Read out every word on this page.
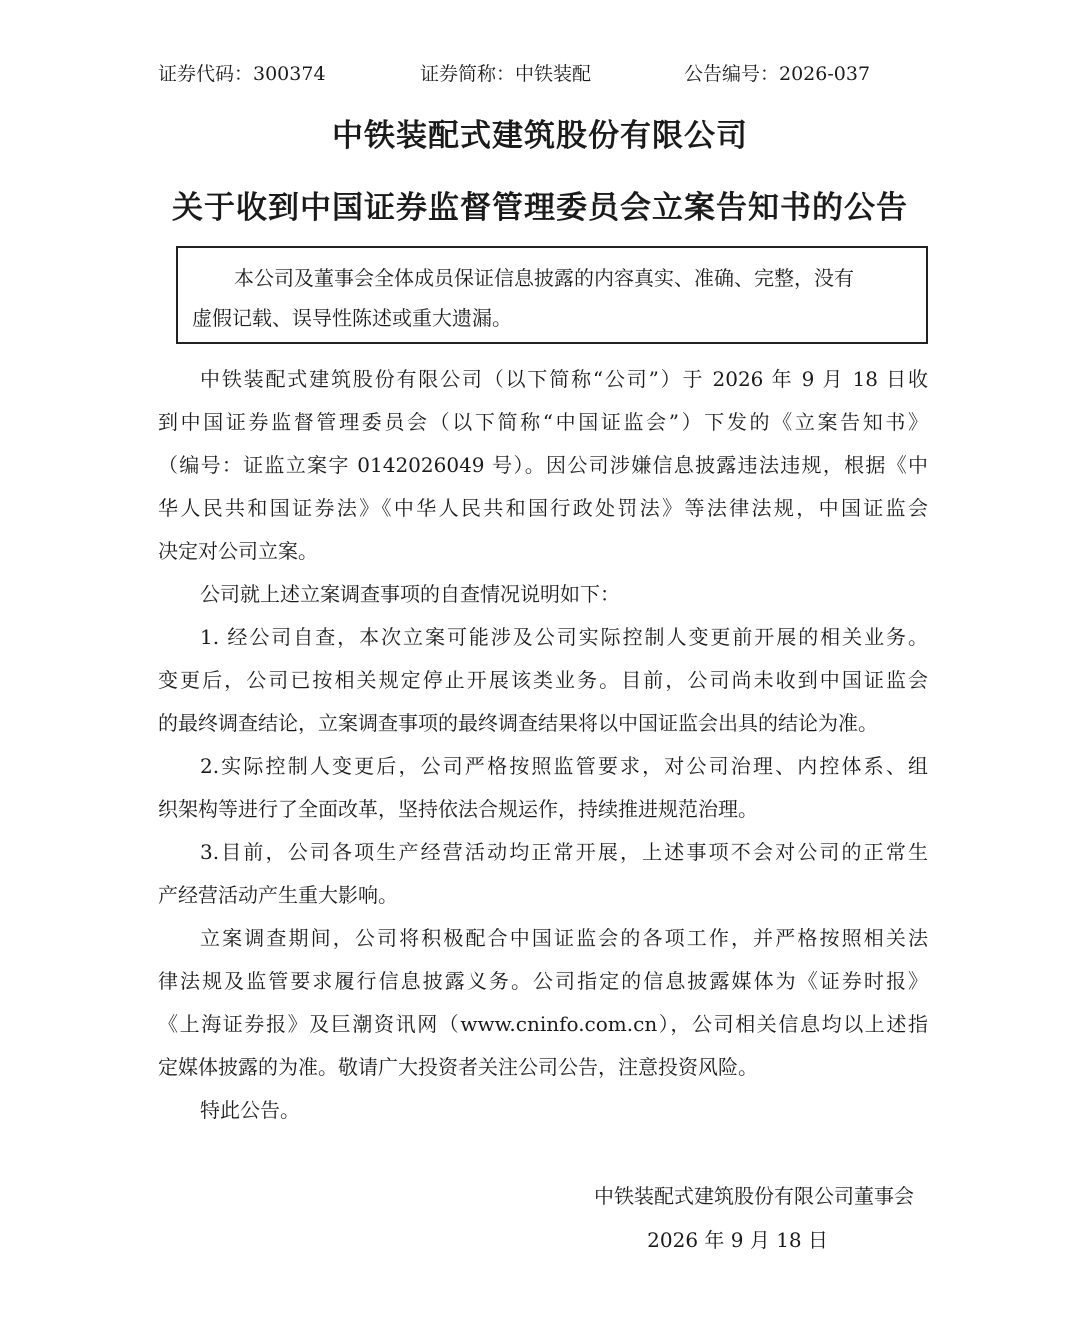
证券代码：300374	证券简称：中铁装配	公告编号：2026-037
中铁装配式建筑股份有限公司
关于收到中国证券监督管理委员会立案告知书的公告
本公司及董事会全体成员保证信息披露的内容真实、准确、完整，没有
虚假记载、误导性陈述或重大遗漏。

中铁装配式建筑股份有限公司（以下简称“公司”）于 2026 年 9 月 18 日收
到中国证券监督管理委员会（以下简称“中国证监会”）下发的《立案告知书》
（编号：证监立案字 0142026049 号）。因公司涉嫌信息披露违法违规，根据《中
华人民共和国证券法》《中华人民共和国行政处罚法》等法律法规，中国证监会
决定对公司立案。

公司就上述立案调查事项的自查情况说明如下：

1. 经公司自查，本次立案可能涉及公司实际控制人变更前开展的相关业务。
变更后，公司已按相关规定停止开展该类业务。目前，公司尚未收到中国证监会
的最终调查结论，立案调查事项的最终调查结果将以中国证监会出具的结论为准。

2.实际控制人变更后，公司严格按照监管要求，对公司治理、内控体系、组
织架构等进行了全面改革，坚持依法合规运作，持续推进规范治理。

3.目前，公司各项生产经营活动均正常开展，上述事项不会对公司的正常生
产经营活动产生重大影响。

立案调查期间，公司将积极配合中国证监会的各项工作，并严格按照相关法
律法规及监管要求履行信息披露义务。公司指定的信息披露媒体为《证券时报》
《上海证券报》及巨潮资讯网（www.cninfo.com.cn），公司相关信息均以上述指
定媒体披露的为准。敬请广大投资者关注公司公告，注意投资风险。

特此公告。

中铁装配式建筑股份有限公司董事会
2026 年 9 月 18 日
